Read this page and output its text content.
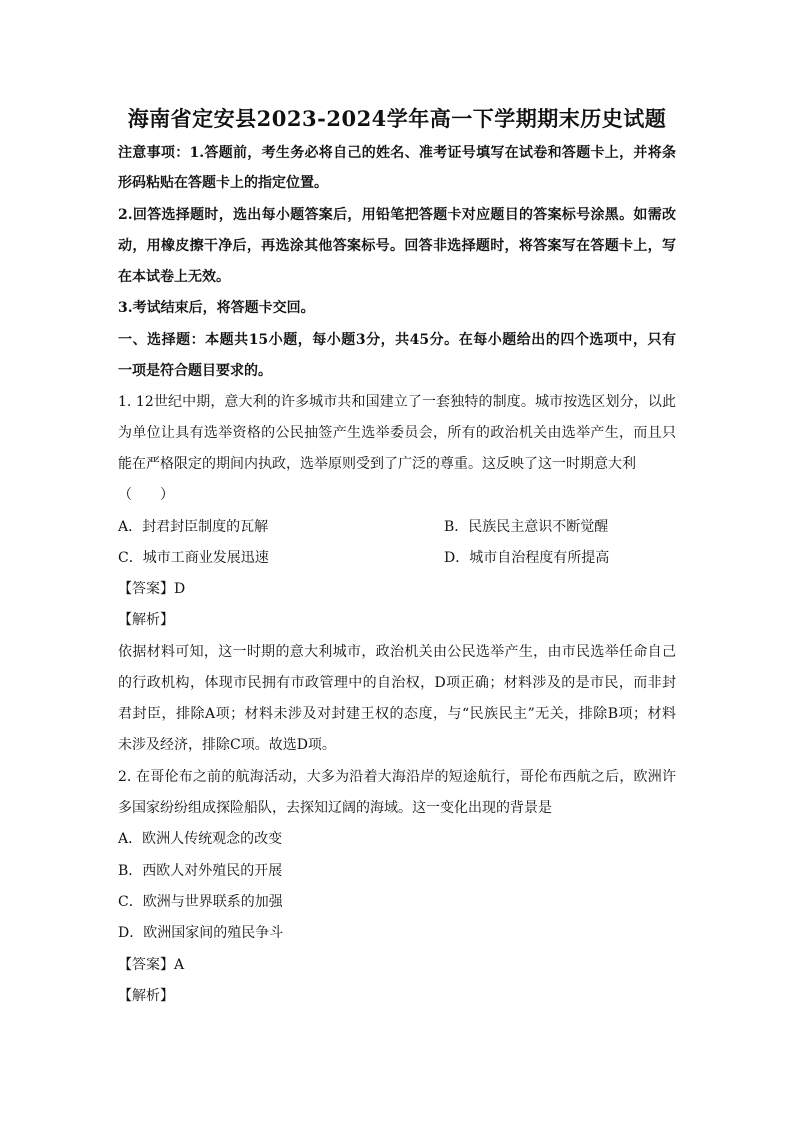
海南省定安县2023-2024学年高一下学期期末历史试题
注意事项：1.答题前，考生务必将自己的姓名、准考证号填写在试卷和答题卡上，并将条
形码粘贴在答题卡上的指定位置。
2.回答选择题时，选出每小题答案后，用铅笔把答题卡对应题目的答案标号涂黑。如需改
动，用橡皮擦干净后，再选涂其他答案标号。回答非选择题时，将答案写在答题卡上，写
在本试卷上无效。
3.考试结束后，将答题卡交回。
一、选择题：本题共15小题，每小题3分，共45分。在每小题给出的四个选项中，只有
一项是符合题目要求的。
1. 12世纪中期，意大利的许多城市共和国建立了一套独特的制度。城市按选区划分，以此
为单位让具有选举资格的公民抽签产生选举委员会，所有的政治机关由选举产生，而且只
能在严格限定的期间内执政，选举原则受到了广泛的尊重。这反映了这一时期意大利
（　　）
A．封君封臣制度的瓦解	B．民族民主意识不断觉醒
C．城市工商业发展迅速	D．城市自治程度有所提高
【答案】D
【解析】
依据材料可知，这一时期的意大利城市，政治机关由公民选举产生，由市民选举任命自己
的行政机构，体现市民拥有市政管理中的自治权，D项正确；材料涉及的是市民，而非封
君封臣，排除A项；材料未涉及对封建王权的态度，与“民族民主”无关，排除B项；材料
未涉及经济，排除C项。故选D项。
2. 在哥伦布之前的航海活动，大多为沿着大海沿岸的短途航行，哥伦布西航之后，欧洲许
多国家纷纷组成探险船队，去探知辽阔的海域。这一变化出现的背景是
A．欧洲人传统观念的改变
B．西欧人对外殖民的开展
C．欧洲与世界联系的加强
D．欧洲国家间的殖民争斗
【答案】A
【解析】
